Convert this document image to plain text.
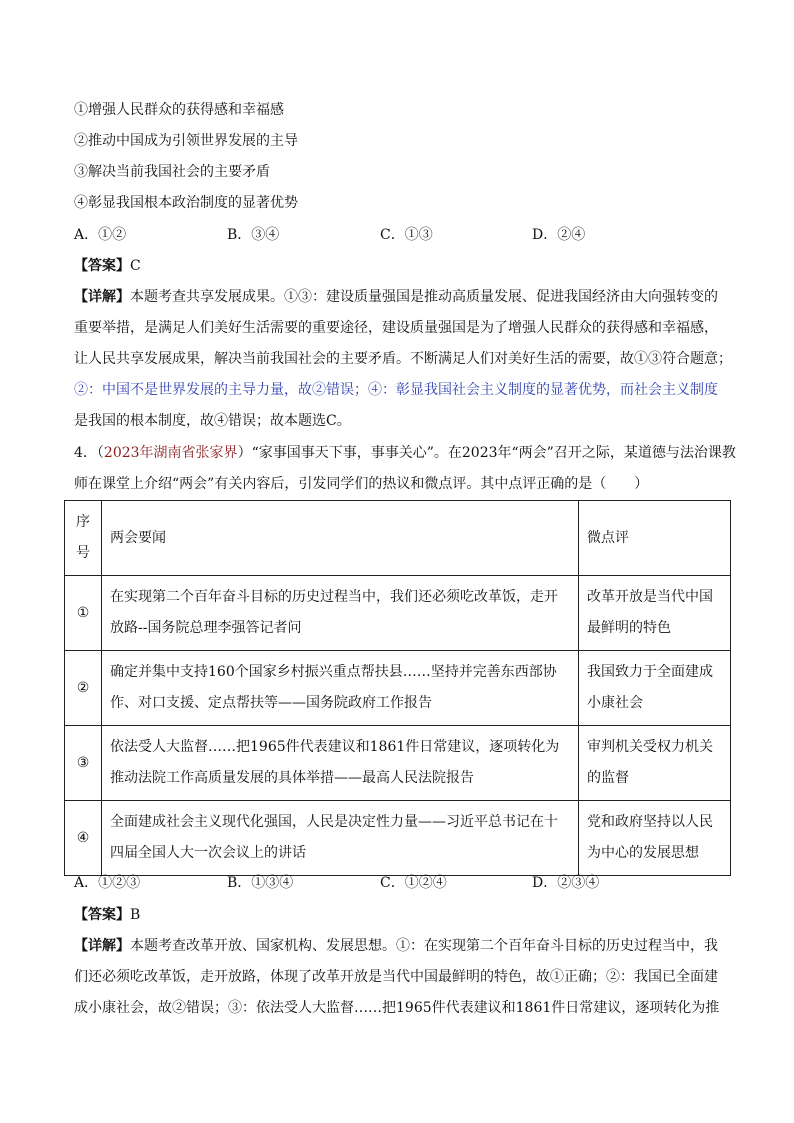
①增强人民群众的获得感和幸福感
②推动中国成为引领世界发展的主导
③解决当前我国社会的主要矛盾
④彰显我国根本政治制度的显著优势
A．①②	B．③④	C．①③	D．②④
【答案】C
【详解】本题考查共享发展成果。①③：建设质量强国是推动高质量发展、促进我国经济由大向强转变的
重要举措，是满足人们美好生活需要的重要途径，建设质量强国是为了增强人民群众的获得感和幸福感，
让人民共享发展成果，解决当前我国社会的主要矛盾。不断满足人们对美好生活的需要，故①③符合题意；
②：中国不是世界发展的主导力量，故②错误；④：彰显我国社会主义制度的显著优势，而社会主义制度
是我国的根本制度，故④错误；故本题选C。
4．（2023年湖南省张家界）“家事国事天下事，事事关心”。在2023年“两会”召开之际，某道德与法治课教
师在课堂上介绍“两会”有关内容后，引发同学们的热议和微点评。其中点评正确的是（　　）
序号	两会要闻	微点评
①	在实现第二个百年奋斗目标的历史过程当中，我们还必须吃改革饭，走开放路--国务院总理李强答记者问	改革开放是当代中国最鲜明的特色
②	确定并集中支持160个国家乡村振兴重点帮扶县……坚持并完善东西部协作、对口支援、定点帮扶等——国务院政府工作报告	我国致力于全面建成小康社会
③	依法受人大监督……把1965件代表建议和1861件日常建议，逐项转化为推动法院工作高质量发展的具体举措——最高人民法院报告	审判机关受权力机关的监督
④	全面建成社会主义现代化强国，人民是决定性力量——习近平总书记在十四届全国人大一次会议上的讲话	党和政府坚持以人民为中心的发展思想
A．①②③	B．①③④	C．①②④	D．②③④
【答案】B
【详解】本题考查改革开放、国家机构、发展思想。①：在实现第二个百年奋斗目标的历史过程当中，我
们还必须吃改革饭，走开放路，体现了改革开放是当代中国最鲜明的特色，故①正确；②：我国已全面建
成小康社会，故②错误；③：依法受人大监督……把1965件代表建议和1861件日常建议，逐项转化为推
